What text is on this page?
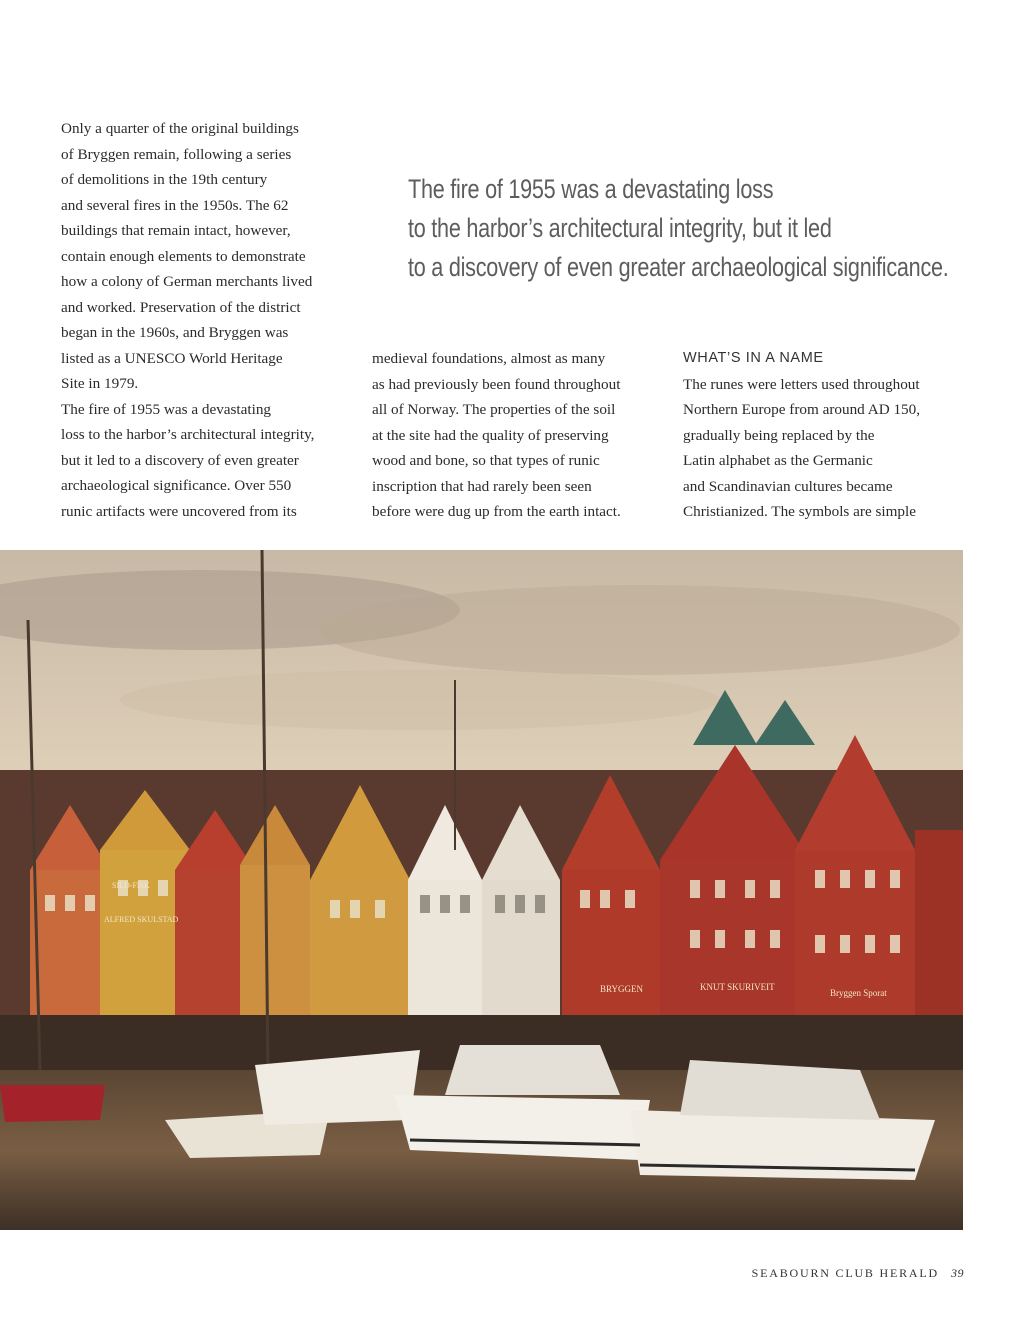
Only a quarter of the original buildings
of Bryggen remain, following a series
of demolitions in the 19th century
and several fires in the 1950s. The 62
buildings that remain intact, however,
contain enough elements to demonstrate
how a colony of German merchants lived
and worked. Preservation of the district
began in the 1960s, and Bryggen was
listed as a UNESCO World Heritage
Site in 1979.

The fire of 1955 was a devastating
loss to the harbor’s architectural integrity,
but it led to a discovery of even greater
archaeological significance. Over 550
runic artifacts were uncovered from its

The fire of 1955 was a devastating loss
to the harbor’s architectural integrity, but it led
to a discovery of even greater archaeological significance.

medieval foundations, almost as many
as had previously been found throughout
all of Norway. The properties of the soil
at the site had the quality of preserving
wood and bone, so that types of runic
inscription that had rarely been seen
before were dug up from the earth intact.

WHAT’S IN A NAME

The runes were letters used throughout
Northern Europe from around AD 150,
gradually being replaced by the
Latin alphabet as the Germanic
and Scandinavian cultures became
Christianized. The symbols are simple

BRYGGEN	KNUT SKURIVEIT
Bryggen Sporat
ALFRED SKULSTAD
SILD-FISK
SEABOURN CLUB HERALD 39
